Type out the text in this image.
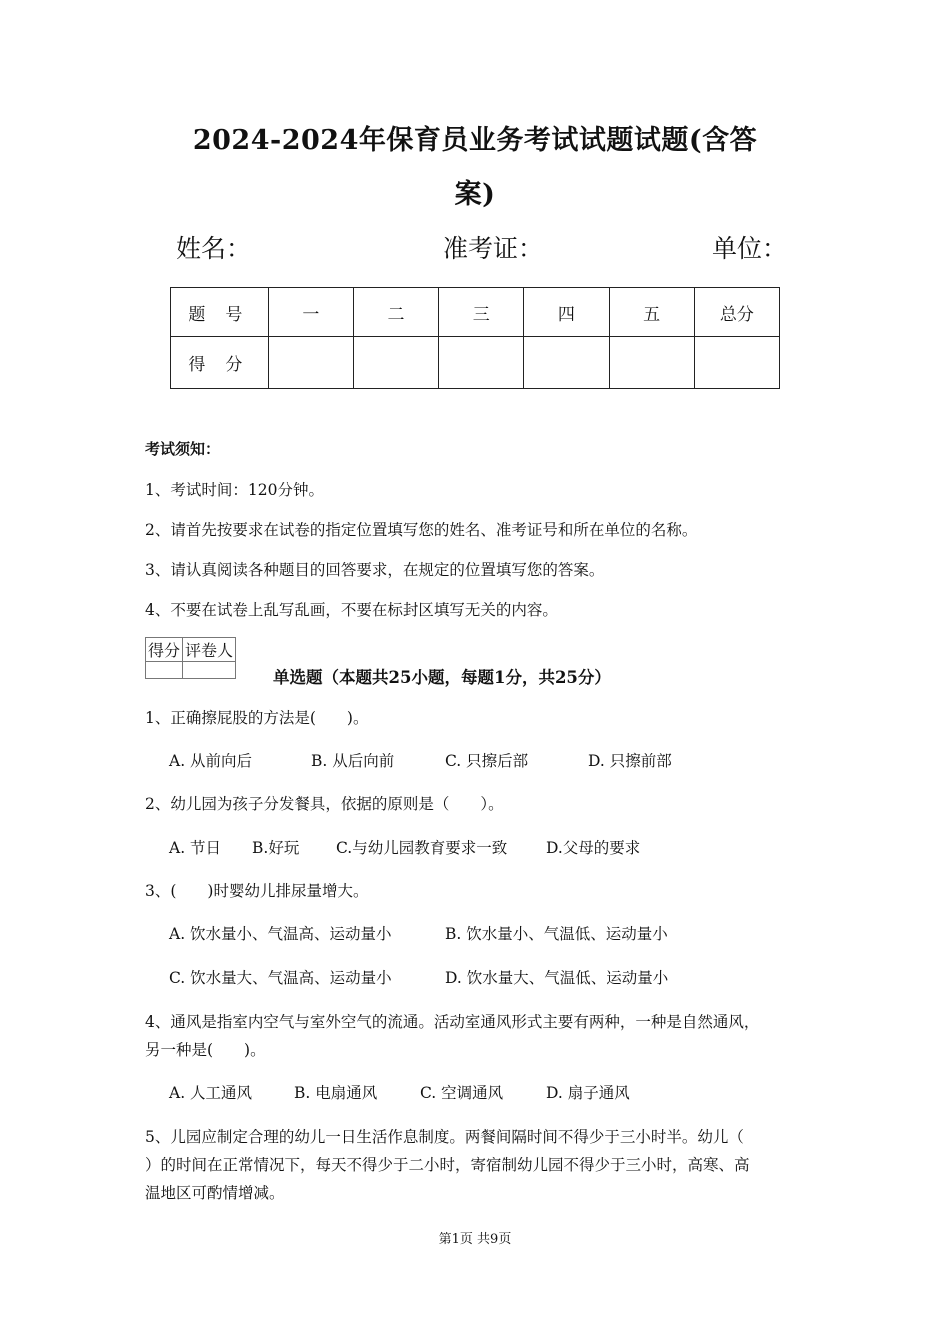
2024-2024年保育员业务考试试题试题(含答
案)
姓名：	准考证：	单位：
题号	一	二	三	四	五	总分
得分						
考试须知：
1、考试时间：120分钟。
2、请首先按要求在试卷的指定位置填写您的姓名、准考证号和所在单位的名称。
3、请认真阅读各种题目的回答要求，在规定的位置填写您的答案。
4、不要在试卷上乱写乱画，不要在标封区填写无关的内容。
得分	评卷人

单选题（本题共25小题，每题1分，共25分）
1、正确擦屁股的方法是(　　)。
A. 从前向后	B. 从后向前	C. 只擦后部	D. 只擦前部
2、幼儿园为孩子分发餐具，依据的原则是（　　）。
A. 节日 B.好玩 C.与幼儿园教育要求一致	D.父母的要求
3、(　　)时婴幼儿排尿量增大。
A. 饮水量小、气温高、运动量小	B. 饮水量小、气温低、运动量小
C. 饮水量大、气温高、运动量小	D. 饮水量大、气温低、运动量小
4、通风是指室内空气与室外空气的流通。活动室通风形式主要有两种，一种是自然通风，
另一种是(　　)。
A. 人工通风	B. 电扇通风	C. 空调通风	D. 扇子通风
5、儿园应制定合理的幼儿一日生活作息制度。两餐间隔时间不得少于三小时半。幼儿（
）的时间在正常情况下，每天不得少于二小时，寄宿制幼儿园不得少于三小时，高寒、高
温地区可酌情增减。
第1页 共9页
